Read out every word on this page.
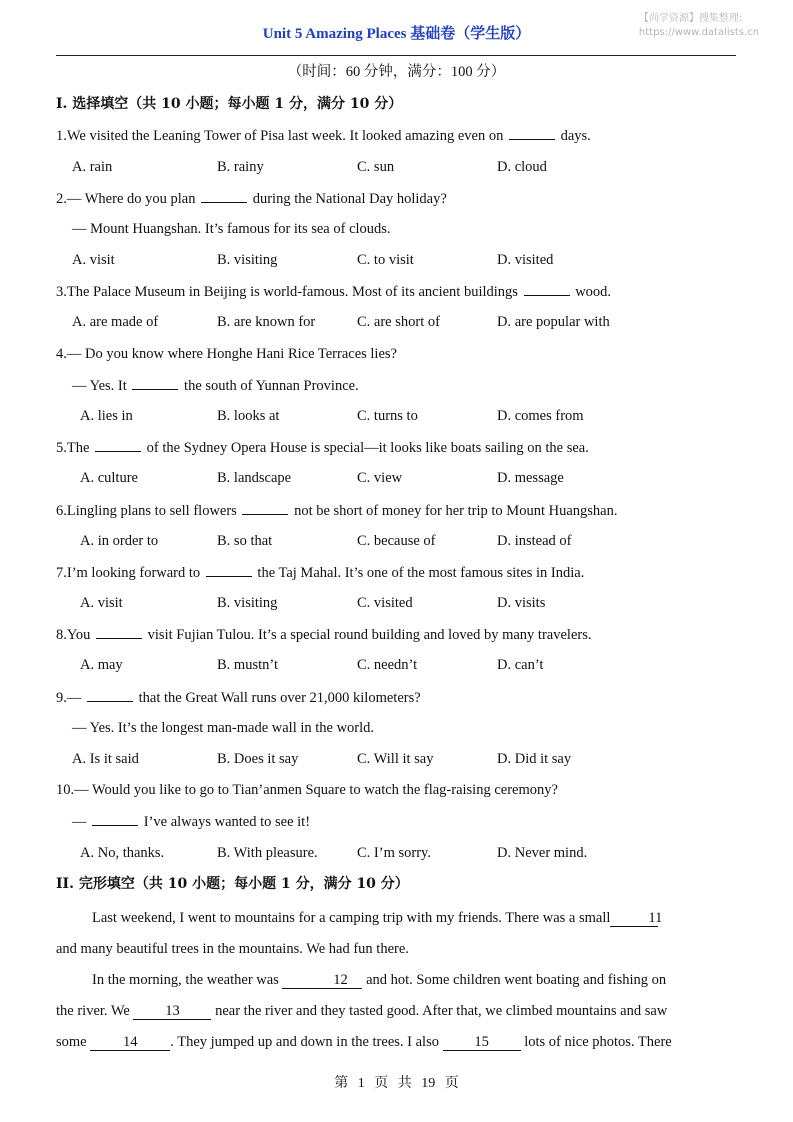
Unit 5 Amazing Places 基础卷（学生版）
【尚学资源】搜集整理:
https://www.datalists.cn
（时间：60 分钟，满分：100 分）
I. 选择填空（共 10 小题；每小题 1 分，满分 10 分）
1.We visited the Leaning Tower of Pisa last week. It looked amazing even on	days.
A. rain	B. rainy	C. sun	D. cloud
2.— Where do you plan	during the National Day holiday?
— Mount Huangshan. It’s famous for its sea of clouds.
A. visit	B. visiting	C. to visit	D. visited
3.The Palace Museum in Beijing is world-famous. Most of its ancient buildings	wood.
A. are made of	B. are known for	C. are short of	D. are popular with
4.— Do you know where Honghe Hani Rice Terraces lies?
— Yes. It	the south of Yunnan Province.
A. lies in	B. looks at	C. turns to	D. comes from
5.The	of the Sydney Opera House is special—it looks like boats sailing on the sea.
A. culture	B. landscape	C. view	D. message
6.Lingling plans to sell flowers	not be short of money for her trip to Mount Huangshan.
A. in order to	B. so that	C. because of	D. instead of
7.I’m looking forward to	the Taj Mahal. It’s one of the most famous sites in India.
A. visit	B. visiting	C. visited	D. visits
8.You	visit Fujian Tulou. It’s a special round building and loved by many travelers.
A. may	B. mustn’t	C. needn’t	D. can’t
9.—	that the Great Wall runs over 21,000 kilometers?
— Yes. It’s the longest man-made wall in the world.
A. Is it said	B. Does it say	C. Will it say	D. Did it say
10.— Would you like to go to Tian’anmen Square to watch the flag-raising ceremony?
—	I’ve always wanted to see it!
A. No, thanks.	B. With pleasure.	C. I’m sorry.	D. Never mind.
II. 完形填空（共 10 小题；每小题 1 分，满分 10 分）
Last weekend, I went to mountains for a camping trip with my friends. There was a small	11
and many beautiful trees in the mountains. We had fun there.
In the morning, the weather was	12 and hot. Some children went boating and fishing on
the river. We 13 near the river and they tasted good. After that, we climbed mountains and saw
some	14 . They jumped up and down in the trees. I also 15 lots of nice photos. There
第 1 页 共 19 页
